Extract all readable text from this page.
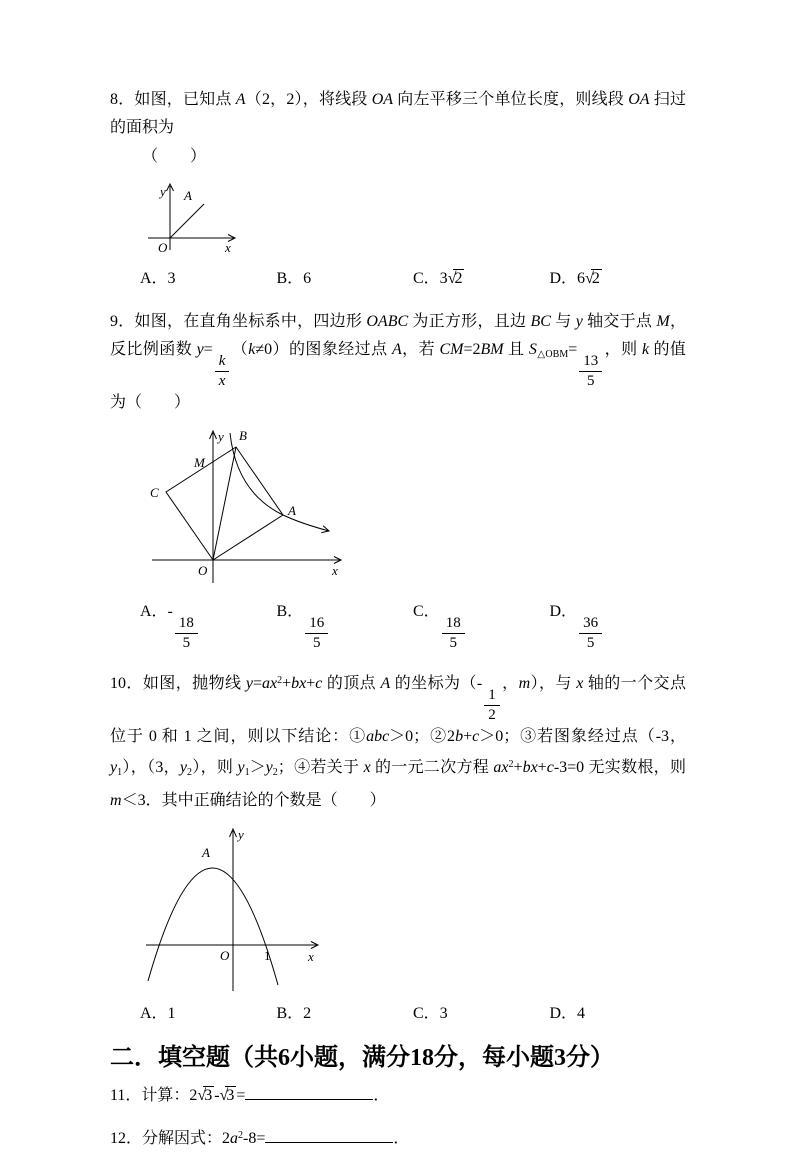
8．如图，已知点 A（2，2），将线段 OA 向左平移三个单位长度，则线段 OA 扫过的面积为

（　　）

y A
O	x
A．3	B．6	C．3√2	D．6√2

9．如图，在直角坐标系中，四边形 OABC 为正方形，且边 BC 与 y 轴交于点 M，反比例函数 y=
$\frac{k}{x}$
（k≠0）的图象经过点 A，若 CM=2BM 且 $S_{\triangle OBM}=$
$\frac{13}{5}$
，则 k 的值为（　　）

y B
M
C
A
O	x
A．-
$\frac{18}{5}$
B．
$\frac{16}{5}$
C．
$\frac{18}{5}$
D．
$\frac{36}{5}$

10．如图，抛物线 $y=ax^2+bx+c$ 的顶点 A 的坐标为（-
$\frac{1}{2}$
，m），与 x 轴的一个交点位于 0 和 1 之间，则以下结论：①abc＞0；②2b+c＞0；③若图象经过点（-3，$y_1$），（3，$y_2$），则 $y_1>y_2$；④若关于 x 的一元二次方程 $ax^2+bx+c-3=0$ 无实数根，则 m＜3．其中正确结论的个数是（　　）

y
A
O	1	x
A．1	B．2	C．3	D．4
二．填空题（共6小题，满分18分，每小题3分）

11．计算：2√3 -√3 =	．

12．分解因式：$2a^2-8=$	．
